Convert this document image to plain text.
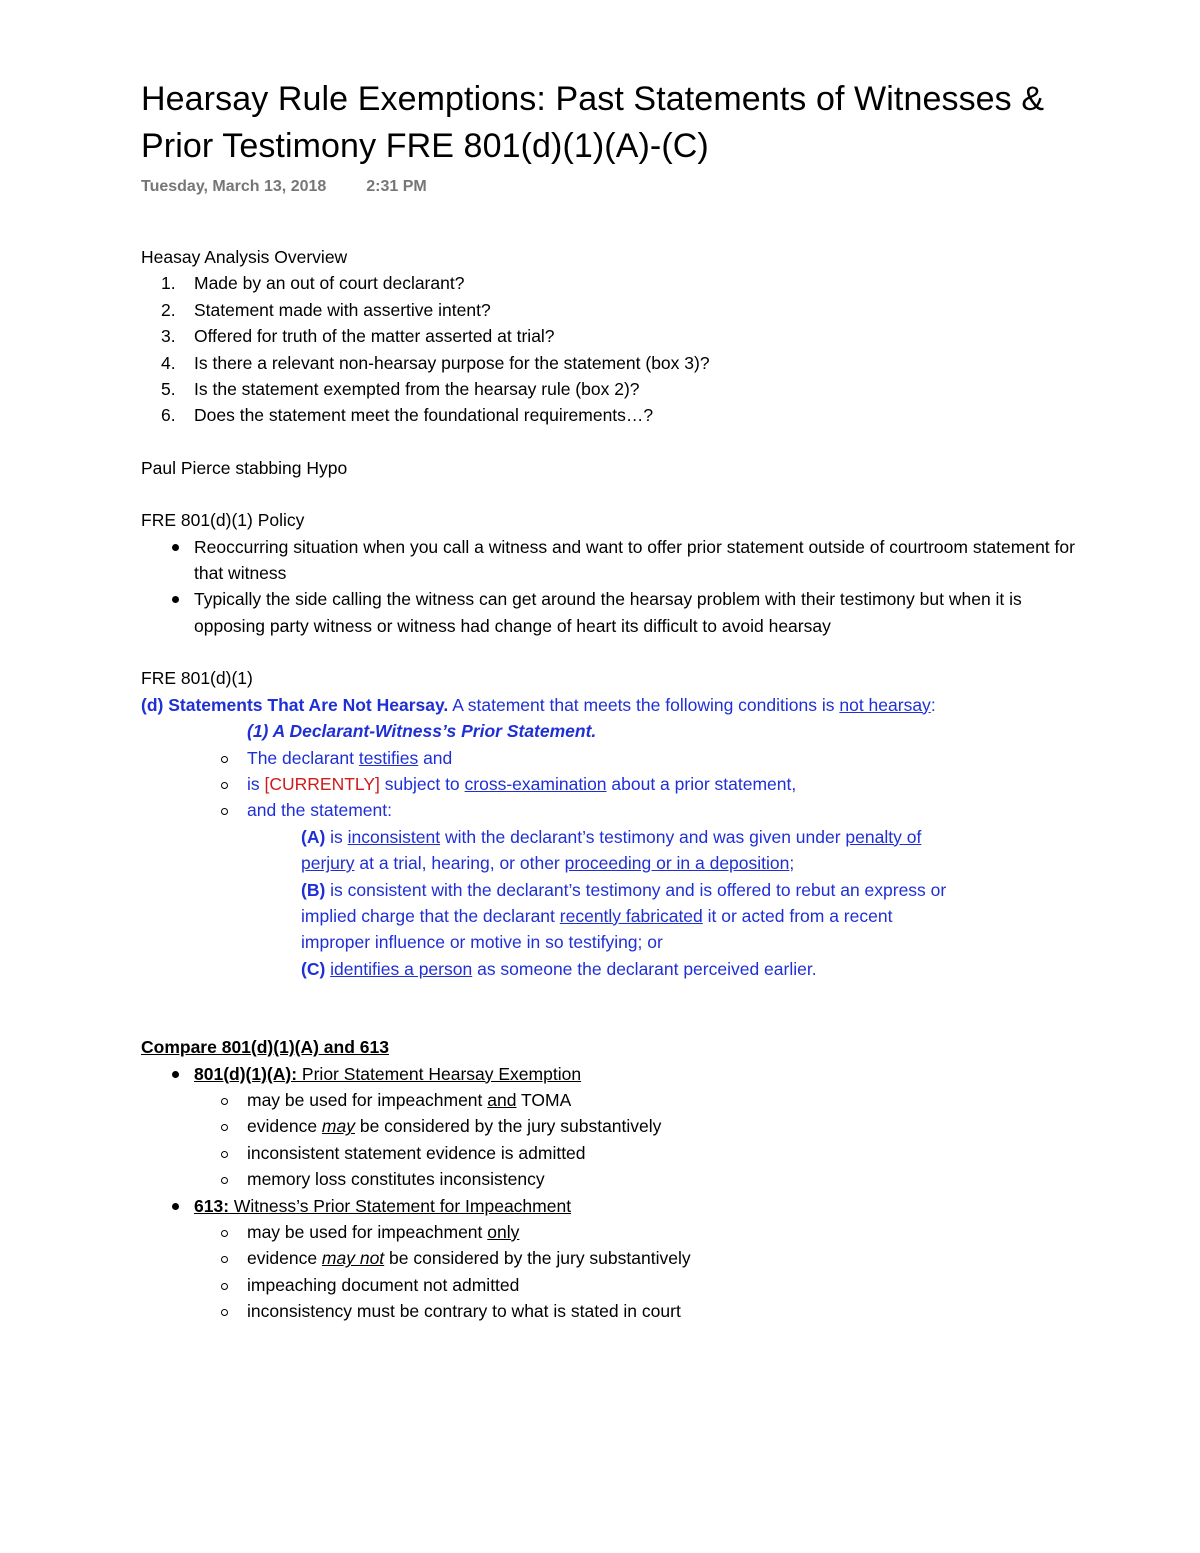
Hearsay Rule Exemptions: Past Statements of Witnesses &
Prior Testimony FRE 801(d)(1)(A)-(C)
Tuesday, March 13, 2018	2:31 PM
Heasay Analysis Overview
1. Made by an out of court declarant?
2. Statement made with assertive intent?
3. Offered for truth of the matter asserted at trial?
4. Is there a relevant non-hearsay purpose for the statement (box 3)?
5. Is the statement exempted from the hearsay rule (box 2)?
6. Does the statement meet the foundational requirements…?
Paul Pierce stabbing Hypo
FRE 801(d)(1) Policy
Reoccurring situation when you call a witness and want to offer prior statement outside of courtroom statement for that witness
Typically the side calling the witness can get around the hearsay problem with their testimony but when it is opposing party witness or witness had change of heart its difficult to avoid hearsay
FRE 801(d)(1)
(d) Statements That Are Not Hearsay. A statement that meets the following conditions is not hearsay:
(1) A Declarant-Witness’s Prior Statement.
The declarant testifies and
is [CURRENTLY] subject to cross-examination about a prior statement,
and the statement:
(A) is inconsistent with the declarant’s testimony and was given under penalty of
perjury at a trial, hearing, or other proceeding or in a deposition;
(B) is consistent with the declarant’s testimony and is offered to rebut an express or
implied charge that the declarant recently fabricated it or acted from a recent
improper influence or motive in so testifying; or
(C) identifies a person as someone the declarant perceived earlier.
Compare 801(d)(1)(A) and 613
801(d)(1)(A): Prior Statement Hearsay Exemption
may be used for impeachment and TOMA
evidence may be considered by the jury substantively
inconsistent statement evidence is admitted
memory loss constitutes inconsistency
613: Witness’s Prior Statement for Impeachment
may be used for impeachment only
evidence may not be considered by the jury substantively
impeaching document not admitted
inconsistency must be contrary to what is stated in court
